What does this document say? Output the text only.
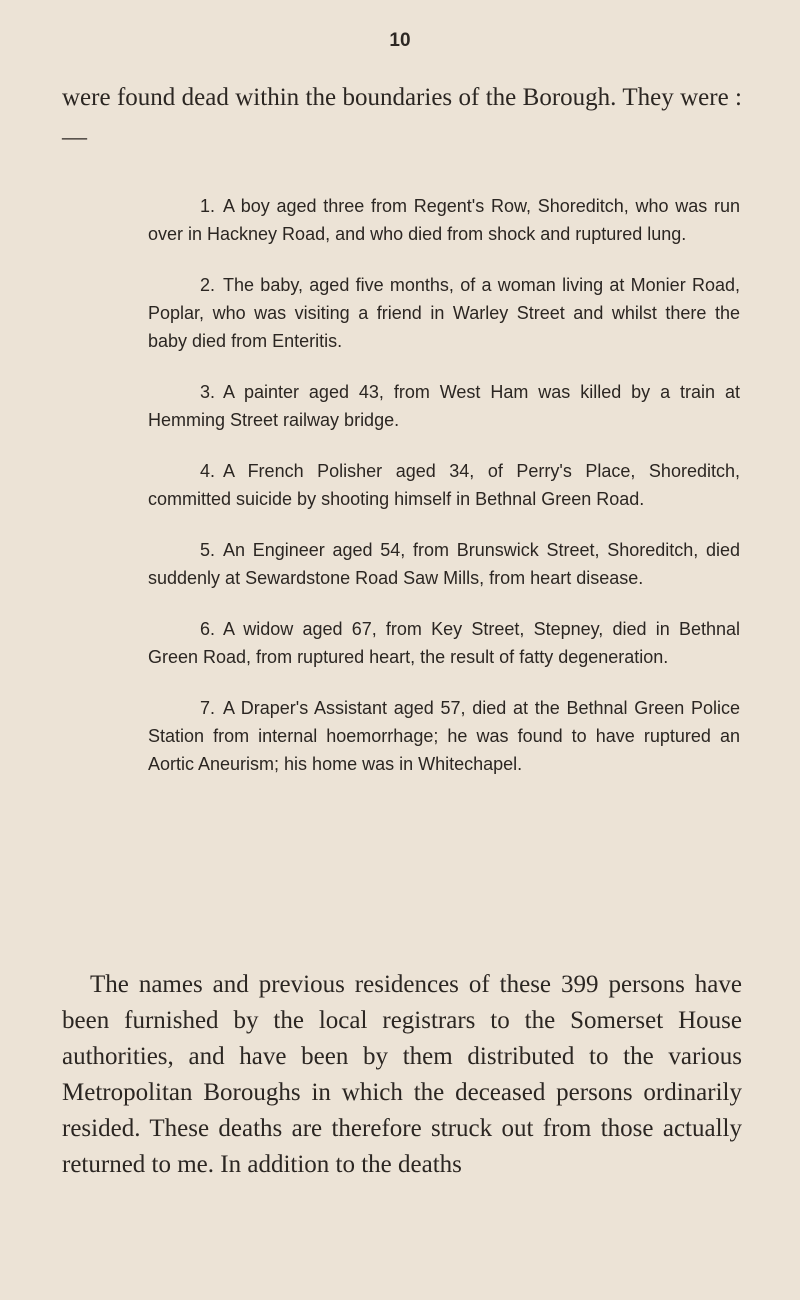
10

were found dead within the boundaries of the Borough. They were :—

1. A boy aged three from Regent's Row, Shoreditch, who was run over in Hackney Road, and who died from shock and ruptured lung.
2. The baby, aged five months, of a woman living at Monier Road, Poplar, who was visiting a friend in Warley Street and whilst there the baby died from Enteritis.
3. A painter aged 43, from West Ham was killed by a train at Hemming Street railway bridge.
4. A French Polisher aged 34, of Perry's Place, Shoreditch, committed suicide by shooting himself in Bethnal Green Road.
5. An Engineer aged 54, from Brunswick Street, Shoreditch, died suddenly at Sewardstone Road Saw Mills, from heart disease.
6. A widow aged 67, from Key Street, Stepney, died in Bethnal Green Road, from ruptured heart, the result of fatty degeneration.
7. A Draper's Assistant aged 57, died at the Bethnal Green Police Station from internal hoemorrhage; he was found to have ruptured an Aortic Aneurism; his home was in Whitechapel.

The names and previous residences of these 399 persons have been furnished by the local registrars to the Somerset House authorities, and have been by them distributed to the various Metropolitan Boroughs in which the deceased persons ordinarily resided. These deaths are therefore struck out from those actually returned to me. In addition to the deaths
